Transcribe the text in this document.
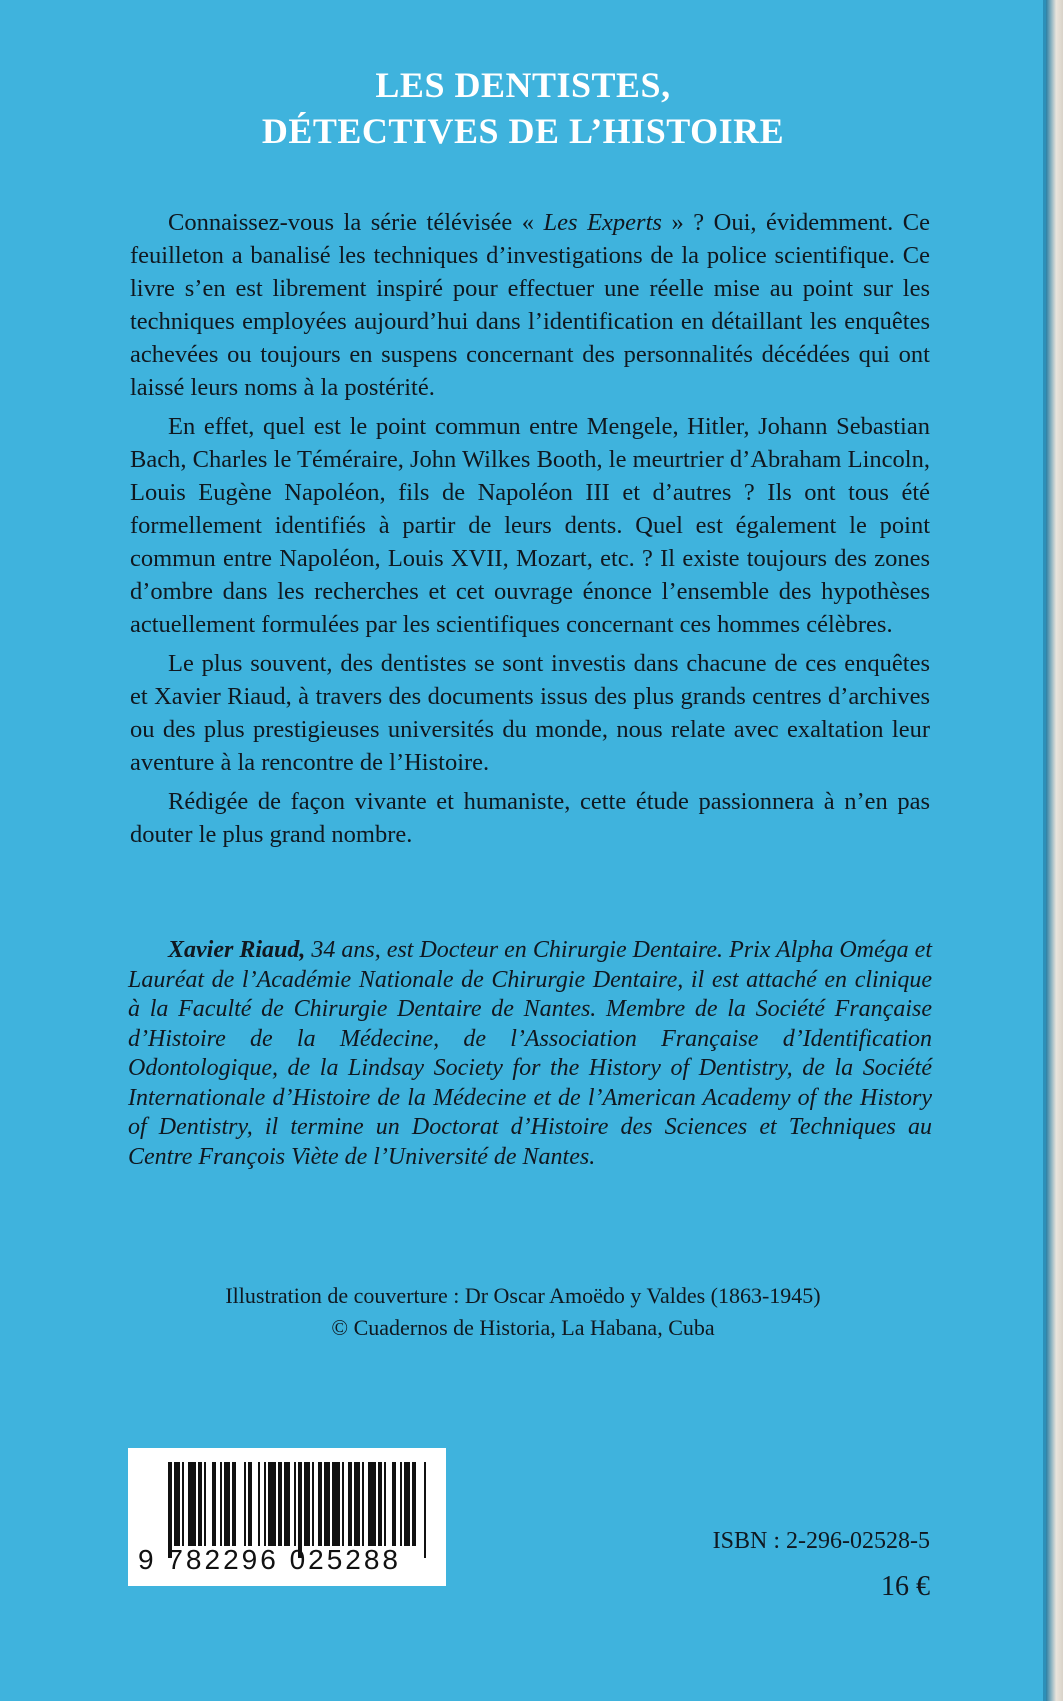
LES DENTISTES,
DÉTECTIVES DE L’HISTOIRE

Connaissez-vous la série télévisée « Les Experts » ? Oui, évidemment. Ce feuilleton a banalisé les techniques d’investigations de la police scientifique. Ce livre s’en est librement inspiré pour effectuer une réelle mise au point sur les techniques employées aujourd’hui dans l’identification en détaillant les enquêtes achevées ou toujours en suspens concernant des personnalités décédées qui ont laissé leurs noms à la postérité.

En effet, quel est le point commun entre Mengele, Hitler, Johann Sebastian Bach, Charles le Téméraire, John Wilkes Booth, le meurtrier d’Abraham Lincoln, Louis Eugène Napoléon, fils de Napoléon III et d’autres ? Ils ont tous été formellement identifiés à partir de leurs dents. Quel est également le point commun entre Napoléon, Louis XVII, Mozart, etc. ? Il existe toujours des zones d’ombre dans les recherches et cet ouvrage énonce l’ensemble des hypothèses actuellement formulées par les scientifiques concernant ces hommes célèbres.

Le plus souvent, des dentistes se sont investis dans chacune de ces enquêtes et Xavier Riaud, à travers des documents issus des plus grands centres d’archives ou des plus prestigieuses universités du monde, nous relate avec exaltation leur aventure à la rencontre de l’Histoire.

Rédigée de façon vivante et humaniste, cette étude passionnera à n’en pas douter le plus grand nombre.

Xavier Riaud, 34 ans, est Docteur en Chirurgie Dentaire. Prix Alpha Oméga et Lauréat de l’Académie Nationale de Chirurgie Dentaire, il est attaché en clinique à la Faculté de Chirurgie Dentaire de Nantes. Membre de la Société Française d’Histoire de la Médecine, de l’Association Française d’Identification Odontologique, de la Lindsay Society for the History of Dentistry, de la Société Internationale d’Histoire de la Médecine et de l’American Academy of the History of Dentistry, il termine un Doctorat d’Histoire des Sciences et Techniques au Centre François Viète de l’Université de Nantes.
Illustration de couverture : Dr Oscar Amoëdo y Valdes (1863-1945)
© Cuadernos de Historia, La Habana, Cuba
9 782296 025288
ISBN : 2-296-02528-5
16 €
